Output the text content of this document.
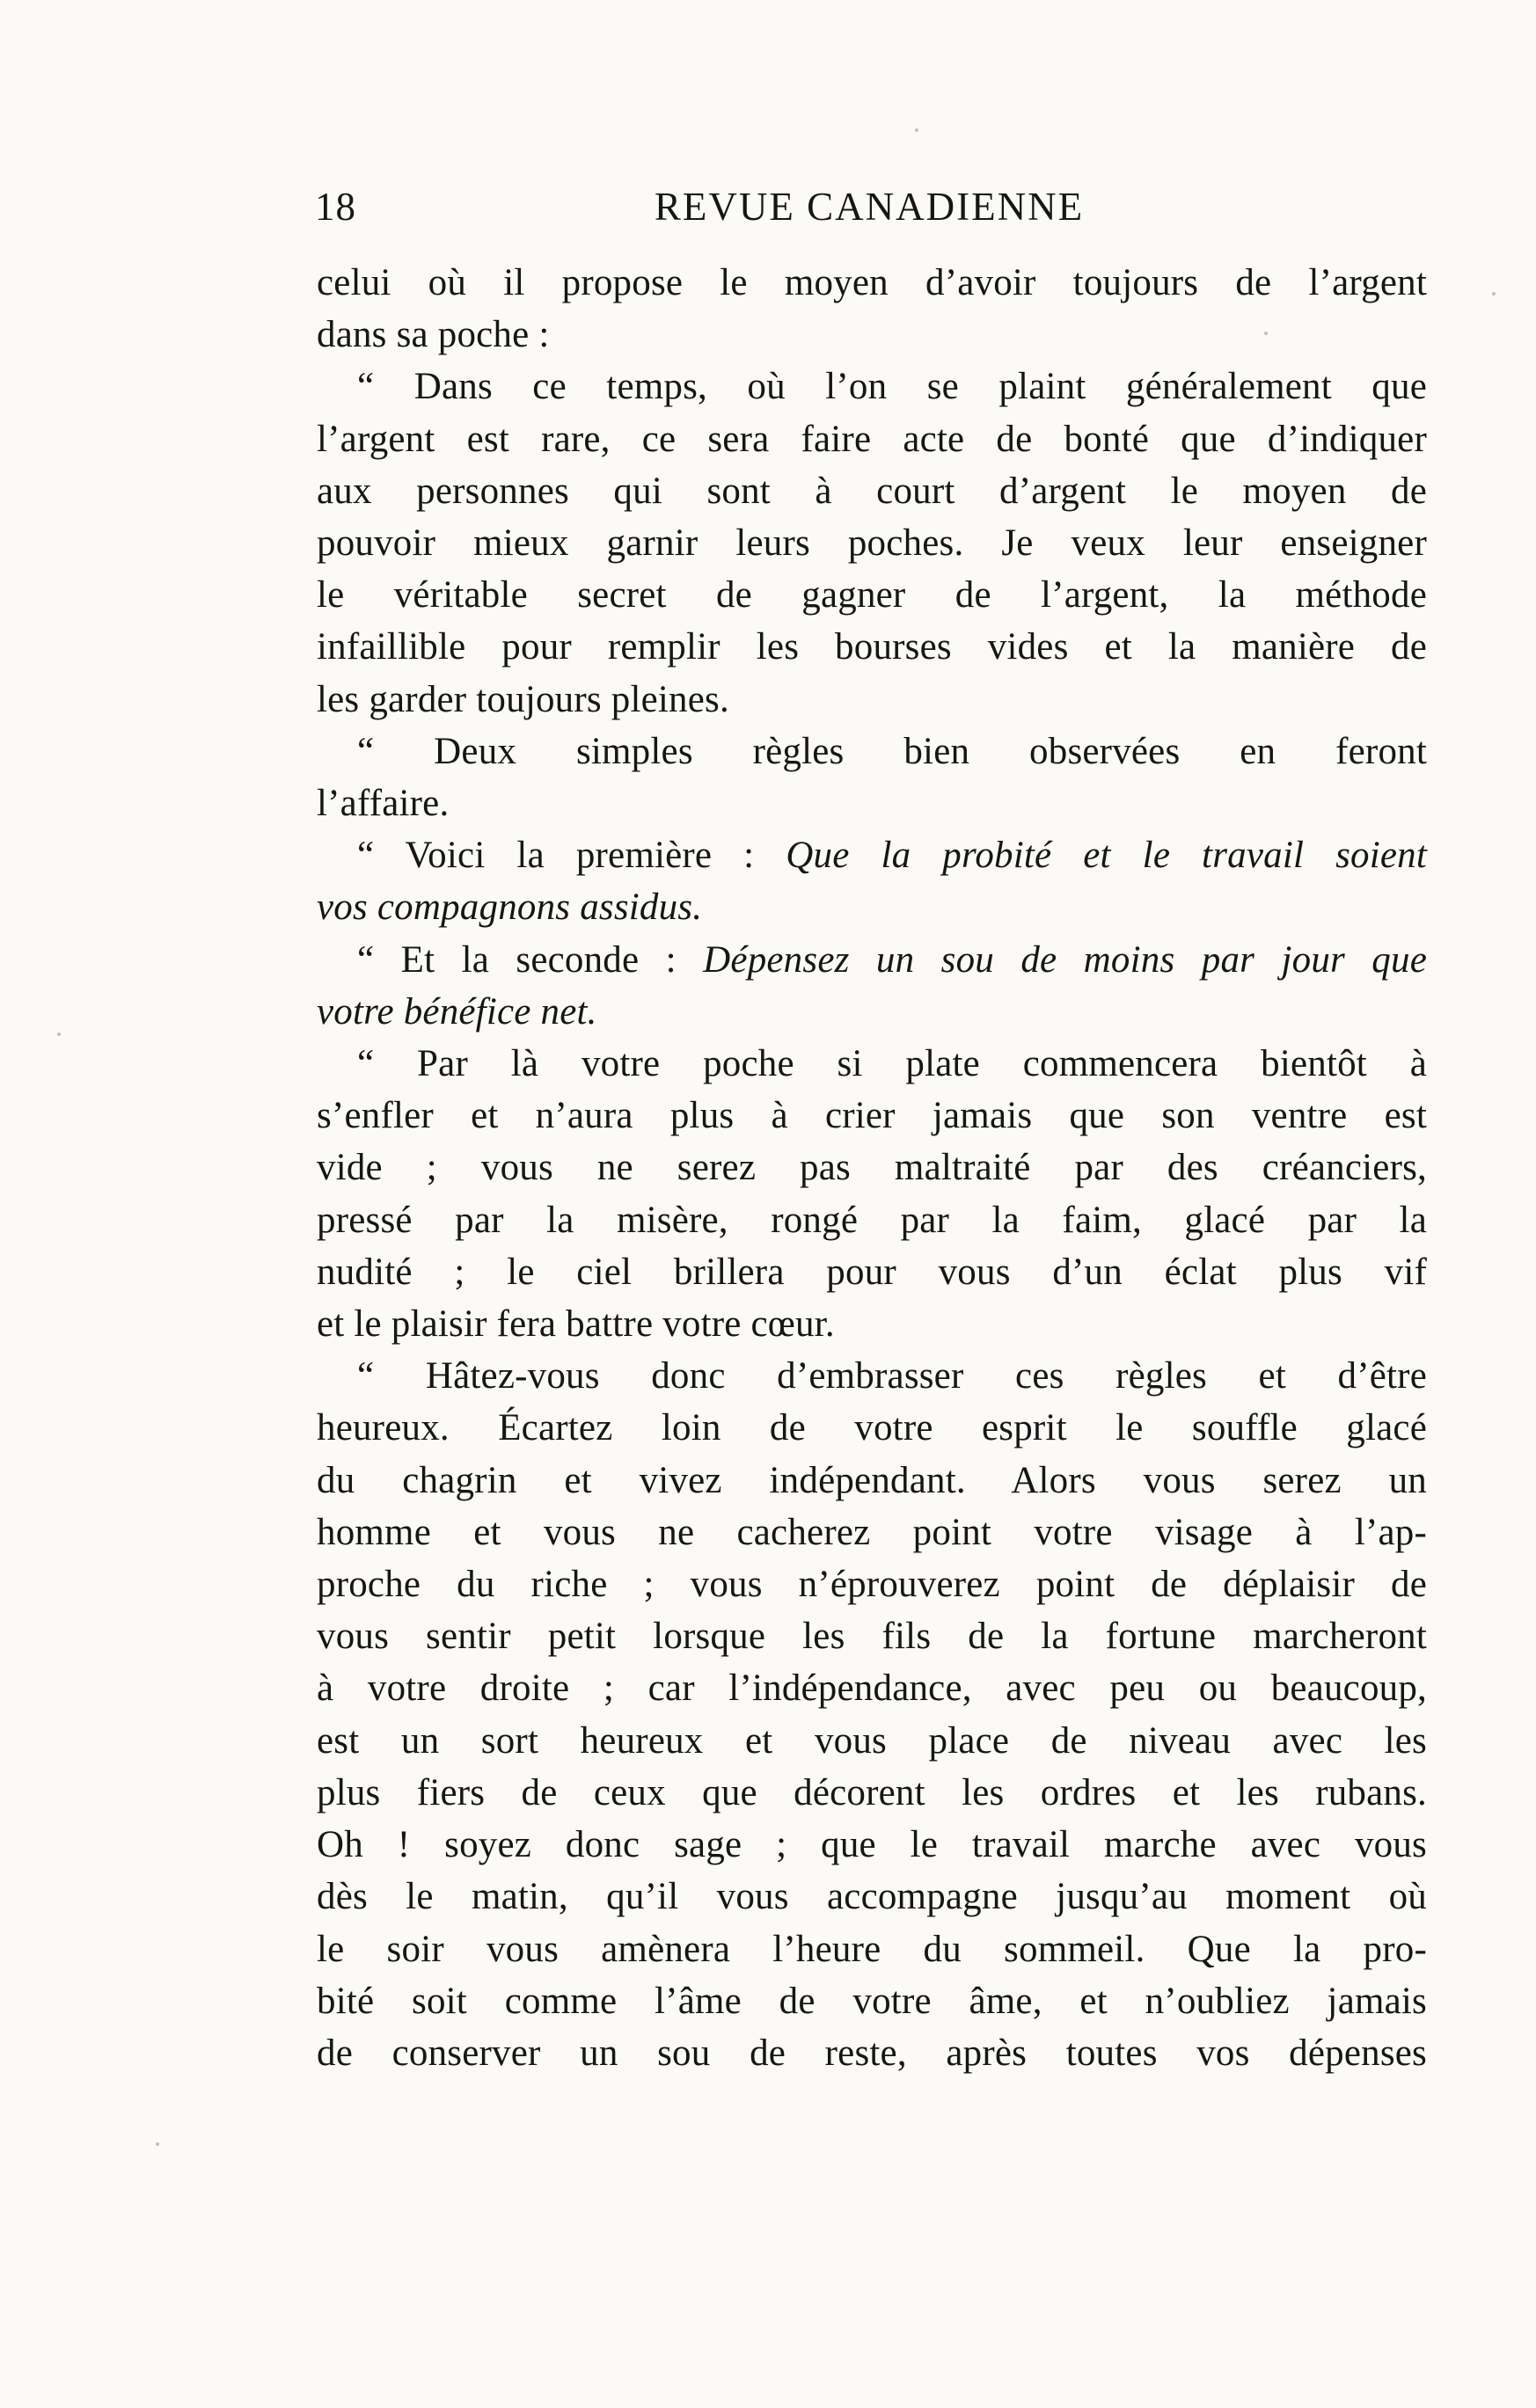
18	REVUE CANADIENNE
celui où il propose le moyen d’avoir toujours de l’argent
dans sa poche :
“ Dans ce temps, où l’on se plaint généralement que
l’argent est rare, ce sera faire acte de bonté que d’indiquer
aux personnes qui sont à court d’argent le moyen de
pouvoir mieux garnir leurs poches. Je veux leur enseigner
le véritable secret de gagner de l’argent, la méthode
infaillible pour remplir les bourses vides et la manière de
les garder toujours pleines.
“ Deux simples règles bien observées en feront
l’affaire.
“ Voici la première : Que la probité et le travail soient
vos compagnons assidus.
“ Et la seconde : Dépensez un sou de moins par jour que
votre bénéfice net.
“ Par là votre poche si plate commencera bientôt à
s’enfler et n’aura plus à crier jamais que son ventre est
vide ; vous ne serez pas maltraité par des créanciers,
pressé par la misère, rongé par la faim, glacé par la
nudité ; le ciel brillera pour vous d’un éclat plus vif
et le plaisir fera battre votre cœur.
“ Hâtez-vous donc d’embrasser ces règles et d’être
heureux. Écartez loin de votre esprit le souffle glacé
du chagrin et vivez indépendant. Alors vous serez un
homme et vous ne cacherez point votre visage à l’ap-
proche du riche ; vous n’éprouverez point de déplaisir de
vous sentir petit lorsque les fils de la fortune marcheront
à votre droite ; car l’indépendance, avec peu ou beaucoup,
est un sort heureux et vous place de niveau avec les
plus fiers de ceux que décorent les ordres et les rubans.
Oh ! soyez donc sage ; que le travail marche avec vous
dès le matin, qu’il vous accompagne jusqu’au moment où
le soir vous amènera l’heure du sommeil. Que la pro-
bité soit comme l’âme de votre âme, et n’oubliez jamais
de conserver un sou de reste, après toutes vos dépenses
